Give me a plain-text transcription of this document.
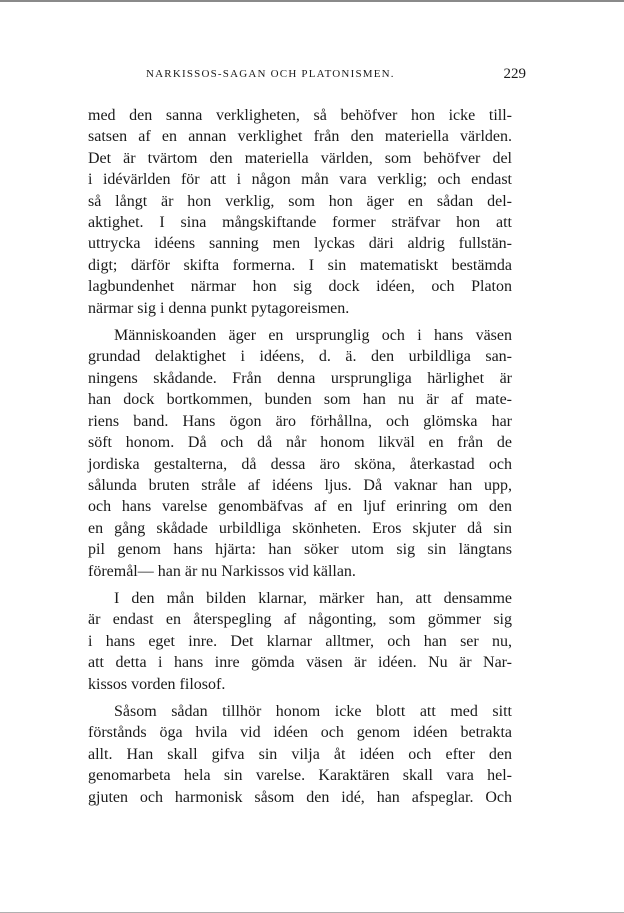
NARKISSOS-SAGAN OCH PLATONISMEN.	229

med den sanna verkligheten, så behöfver hon icke till-
satsen af en annan verklighet från den materiella världen.
Det är tvärtom den materiella världen, som behöfver del
i idévärlden för att i någon mån vara verklig; och endast
så långt är hon verklig, som hon äger en sådan del-
aktighet. I sina mångskiftande former sträfvar hon att
uttrycka idéens sanning men lyckas däri aldrig fullstän-
digt; därför skifta formerna. I sin matematiskt bestämda
lagbundenhet närmar hon sig dock idéen, och Platon
närmar sig i denna punkt pytagoreismen.

Människoanden äger en ursprunglig och i hans väsen
grundad delaktighet i idéens, d. ä. den urbildliga san-
ningens skådande. Från denna ursprungliga härlighet är
han dock bortkommen, bunden som han nu är af mate-
riens band. Hans ögon äro förhållna, och glömska har
söft honom. Då och då når honom likväl en från de
jordiska gestalterna, då dessa äro sköna, återkastad och
sålunda bruten stråle af idéens ljus. Då vaknar han upp,
och hans varelse genombäfvas af en ljuf erinring om den
en gång skådade urbildliga skönheten. Eros skjuter då sin
pil genom hans hjärta: han söker utom sig sin längtans
föremål— han är nu Narkissos vid källan.

I den mån bilden klarnar, märker han, att densamme
är endast en återspegling af någonting, som gömmer sig
i hans eget inre. Det klarnar alltmer, och han ser nu,
att detta i hans inre gömda väsen är idéen. Nu är Nar-
kissos vorden filosof.

Såsom sådan tillhör honom icke blott att med sitt
förstånds öga hvila vid idéen och genom idéen betrakta
allt. Han skall gifva sin vilja åt idéen och efter den
genomarbeta hela sin varelse. Karaktären skall vara hel-
gjuten och harmonisk såsom den idé, han afspeglar. Och
